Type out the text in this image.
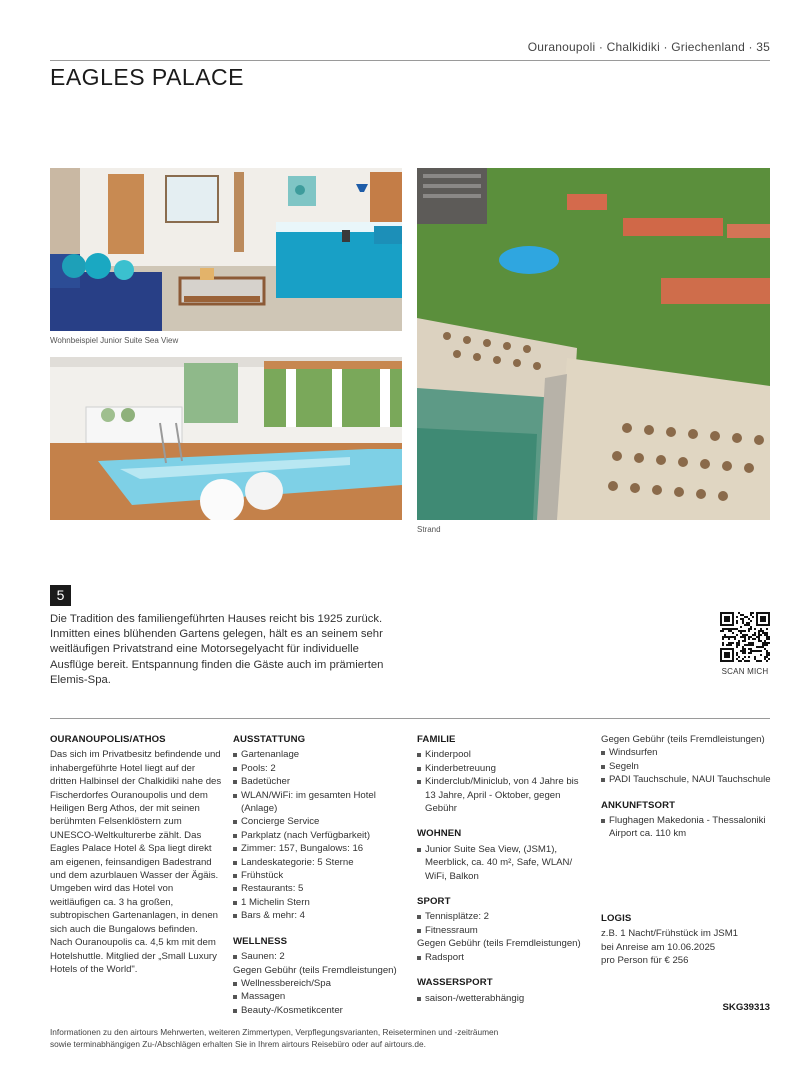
Ouranoupoli · Chalkidiki · Griechenland · 35
EAGLES PALACE
Wohnbeispiel Junior Suite Sea View
Strand
5

Die Tradition des familiengeführten Hauses reicht bis 1925 zurück. Inmitten eines blühenden Gartens gelegen, hält es an seinem sehr weitläufigen Privatstrand eine Motorsegelyacht für individuelle Ausflüge bereit. Entspannung finden die Gäste auch im prämierten Elemis-Spa.

SCAN MICH
OURANOUPOLIS/ATHOS

Das sich im Privatbesitz befindende und inhabergeführte Hotel liegt auf der dritten Halbinsel der Chalkidiki nahe des Fischerdorfes Ouranoupolis und dem Heiligen Berg Athos, der mit seinen berühmten Felsenklöstern zum UNESCO-Weltkulturerbe zählt. Das Eagles Palace Hotel & Spa liegt direkt am eigenen, feinsandigen Badestrand und dem azurblauen Wasser der Ägäis. Umgeben wird das Hotel von weitläufigen ca. 3 ha großen, subtropischen Gartenanlagen, in denen sich auch die Bungalows befinden. Nach Ouranoupolis ca. 4,5 km mit dem Hotelshuttle. Mitglied der „Small Luxury Hotels of the World".

AUSSTATTUNG
Gartenanlage
Pools: 2
Badetücher
WLAN/WiFi: im gesamten Hotel (Anlage)
Concierge Service
Parkplatz (nach Verfügbarkeit)
Zimmer: 157, Bungalows: 16
Landeskategorie: 5 Sterne
Frühstück
Restaurants: 5
1 Michelin Stern
Bars & mehr: 4
WELLNESS
Saunen: 2
Gegen Gebühr (teils Fremdleistungen)
Wellnessbereich/Spa
Massagen
Beauty-/Kosmetikcenter
FAMILIE
Kinderpool
Kinderbetreuung
Kinderclub/Miniclub, von 4 Jahre bis 13 Jahre, April - Oktober, gegen Gebühr
WOHNEN
Junior Suite Sea View, (JSM1), Meerblick, ca. 40 m², Safe, WLAN/ WiFi, Balkon
SPORT
Tennisplätze: 2
Fitnessraum
Gegen Gebühr (teils Fremdleistungen)
Radsport
WASSERSPORT
saison-/wetterabhängig
Gegen Gebühr (teils Fremdleistungen)
Windsurfen
Segeln
PADI Tauchschule, NAUI Tauchschule
ANKUNFTSORT
Flughagen Makedonia - Thessaloniki Airport ca. 110 km
LOGIS

z.B. 1 Nacht/Frühstück im JSM1

bei Anreise am 10.06.2025

pro Person für € 256

SKG39313
Informationen zu den airtours Mehrwerten, weiteren Zimmertypen, Verpflegungsvarianten, Reiseterminen und -zeiträumen
sowie terminabhängigen Zu-/Abschlägen erhalten Sie in Ihrem airtours Reisebüro oder auf airtours.de.
